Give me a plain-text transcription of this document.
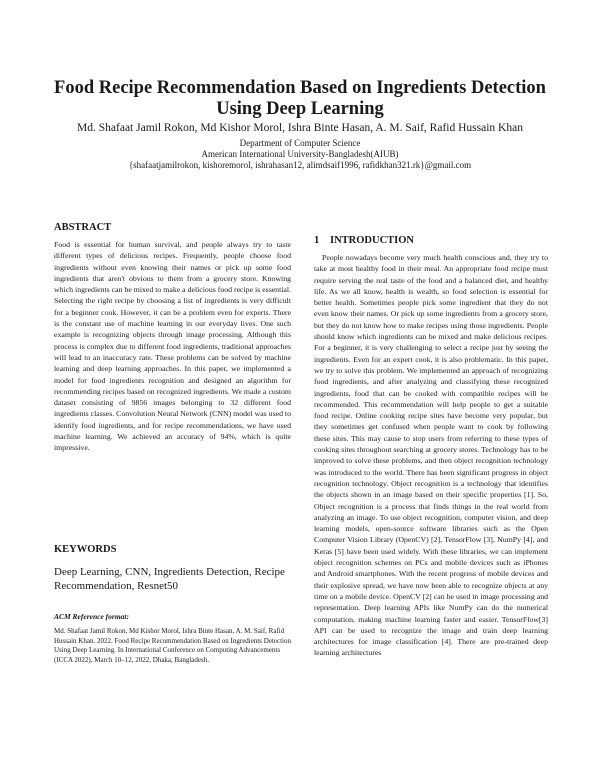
Food Recipe Recommendation Based on Ingredients Detection Using Deep Learning
Md. Shafaat Jamil Rokon, Md Kishor Morol, Ishra Binte Hasan, A. M. Saif, Rafid Hussain Khan
Department of Computer Science
American International University-Bangladesh(AIUB)
{shafaatjamilrokon, kishoremorol, ishrahasan12, alimdsaif1996, rafidkhan321.rk}@gmail.com
ABSTRACT
Food is essential for human survival, and people always try to taste different types of delicious recipes. Frequently, people choose food ingredients without even knowing their names or pick up some food ingredients that aren't obvious to them from a grocery store. Knowing which ingredients can be mixed to make a delicious food recipe is essential. Selecting the right recipe by choosing a list of ingredients is very difficult for a beginner cook. However, it can be a problem even for experts. There is the constant use of machine learning in our everyday lives. One such example is recognizing objects through image processing. Although this process is complex due to different food ingredients, traditional approaches will lead to an inaccuracy rate. These problems can be solved by machine learning and deep learning approaches. In this paper, we implemented a model for food ingredients recognition and designed an algorithm for recommending recipes based on recognized ingredients. We made a custom dataset consisting of 9856 images belonging to 32 different food ingredients classes. Convolution Neural Network (CNN) model was used to identify food ingredients, and for recipe recommendations, we have used machine learning. We achieved an accuracy of 94%, which is quite impressive.
KEYWORDS
Deep Learning, CNN, Ingredients Detection, Recipe Recommendation, Resnet50
ACM Reference format:
Md. Shafaat Jamil Rokon, Md Kishor Morol, Ishra Binte Hasan, A. M. Saif, Rafid Hussain Khan. 2022. Food Recipe Recommendation Based on Ingredients Detection Using Deep Learning. In International Conference on Computing Advancements (ICCA 2022), March 10–12, 2022, Dhaka, Bangladesh.
1 INTRODUCTION
People nowadays become very much health conscious and, they try to take at most healthy food in their meal. An appropriate food recipe must require serving the real taste of the food and a balanced diet, and healthy life. As we all know, health is wealth, so food selection is essential for better health. Sometimes people pick some ingredient that they do not even know their names. Or pick up some ingredients from a grocery store, but they do not know how to make recipes using those ingredients. People should know which ingredients can be mixed and make delicious recipes. For a beginner, it is very challenging to select a recipe just by seeing the ingredients. Even for an expert cook, it is also problematic. In this paper, we try to solve this problem. We implemented an approach of recognizing food ingredients, and after analyzing and classifying these recognized ingredients, food that can be cooked with compatible recipes will be recommended. This recommendation will help people to get a suitable food recipe. Online cooking recipe sites have become very popular, but they sometimes get confused when people want to cook by following these sites. This may cause to stop users from referring to these types of cooking sites throughout searching at grocery stores. Technology has to be improved to solve these problems, and then object recognition technology was introduced to the world. There has been significant progress in object recognition technology. Object recognition is a technology that identifies the objects shown in an image based on their specific properties [1]. So, Object recognition is a process that finds things in the real world from analyzing an image. To use object recognition, computer vision, and deep learning models, open-source software libraries such as the Open Computer Vision Library (OpenCV) [2], TensorFlow [3], NumPy [4], and Keras [5] have been used widely. With these libraries, we can implement object recognition schemes on PCs and mobile devices such as iPhones and Android smartphones. With the recent progress of mobile devices and their explosive spread, we have now been able to recognize objects at any time on a mobile device. OpenCV [2] can be used in image processing and representation. Deep learning APIs like NumPy can do the numerical computation, making machine learning faster and easier. TensorFlow[3] API can be used to recognize the image and train deep learning architectures for image classification [4]. There are pre-trained deep learning architectures
